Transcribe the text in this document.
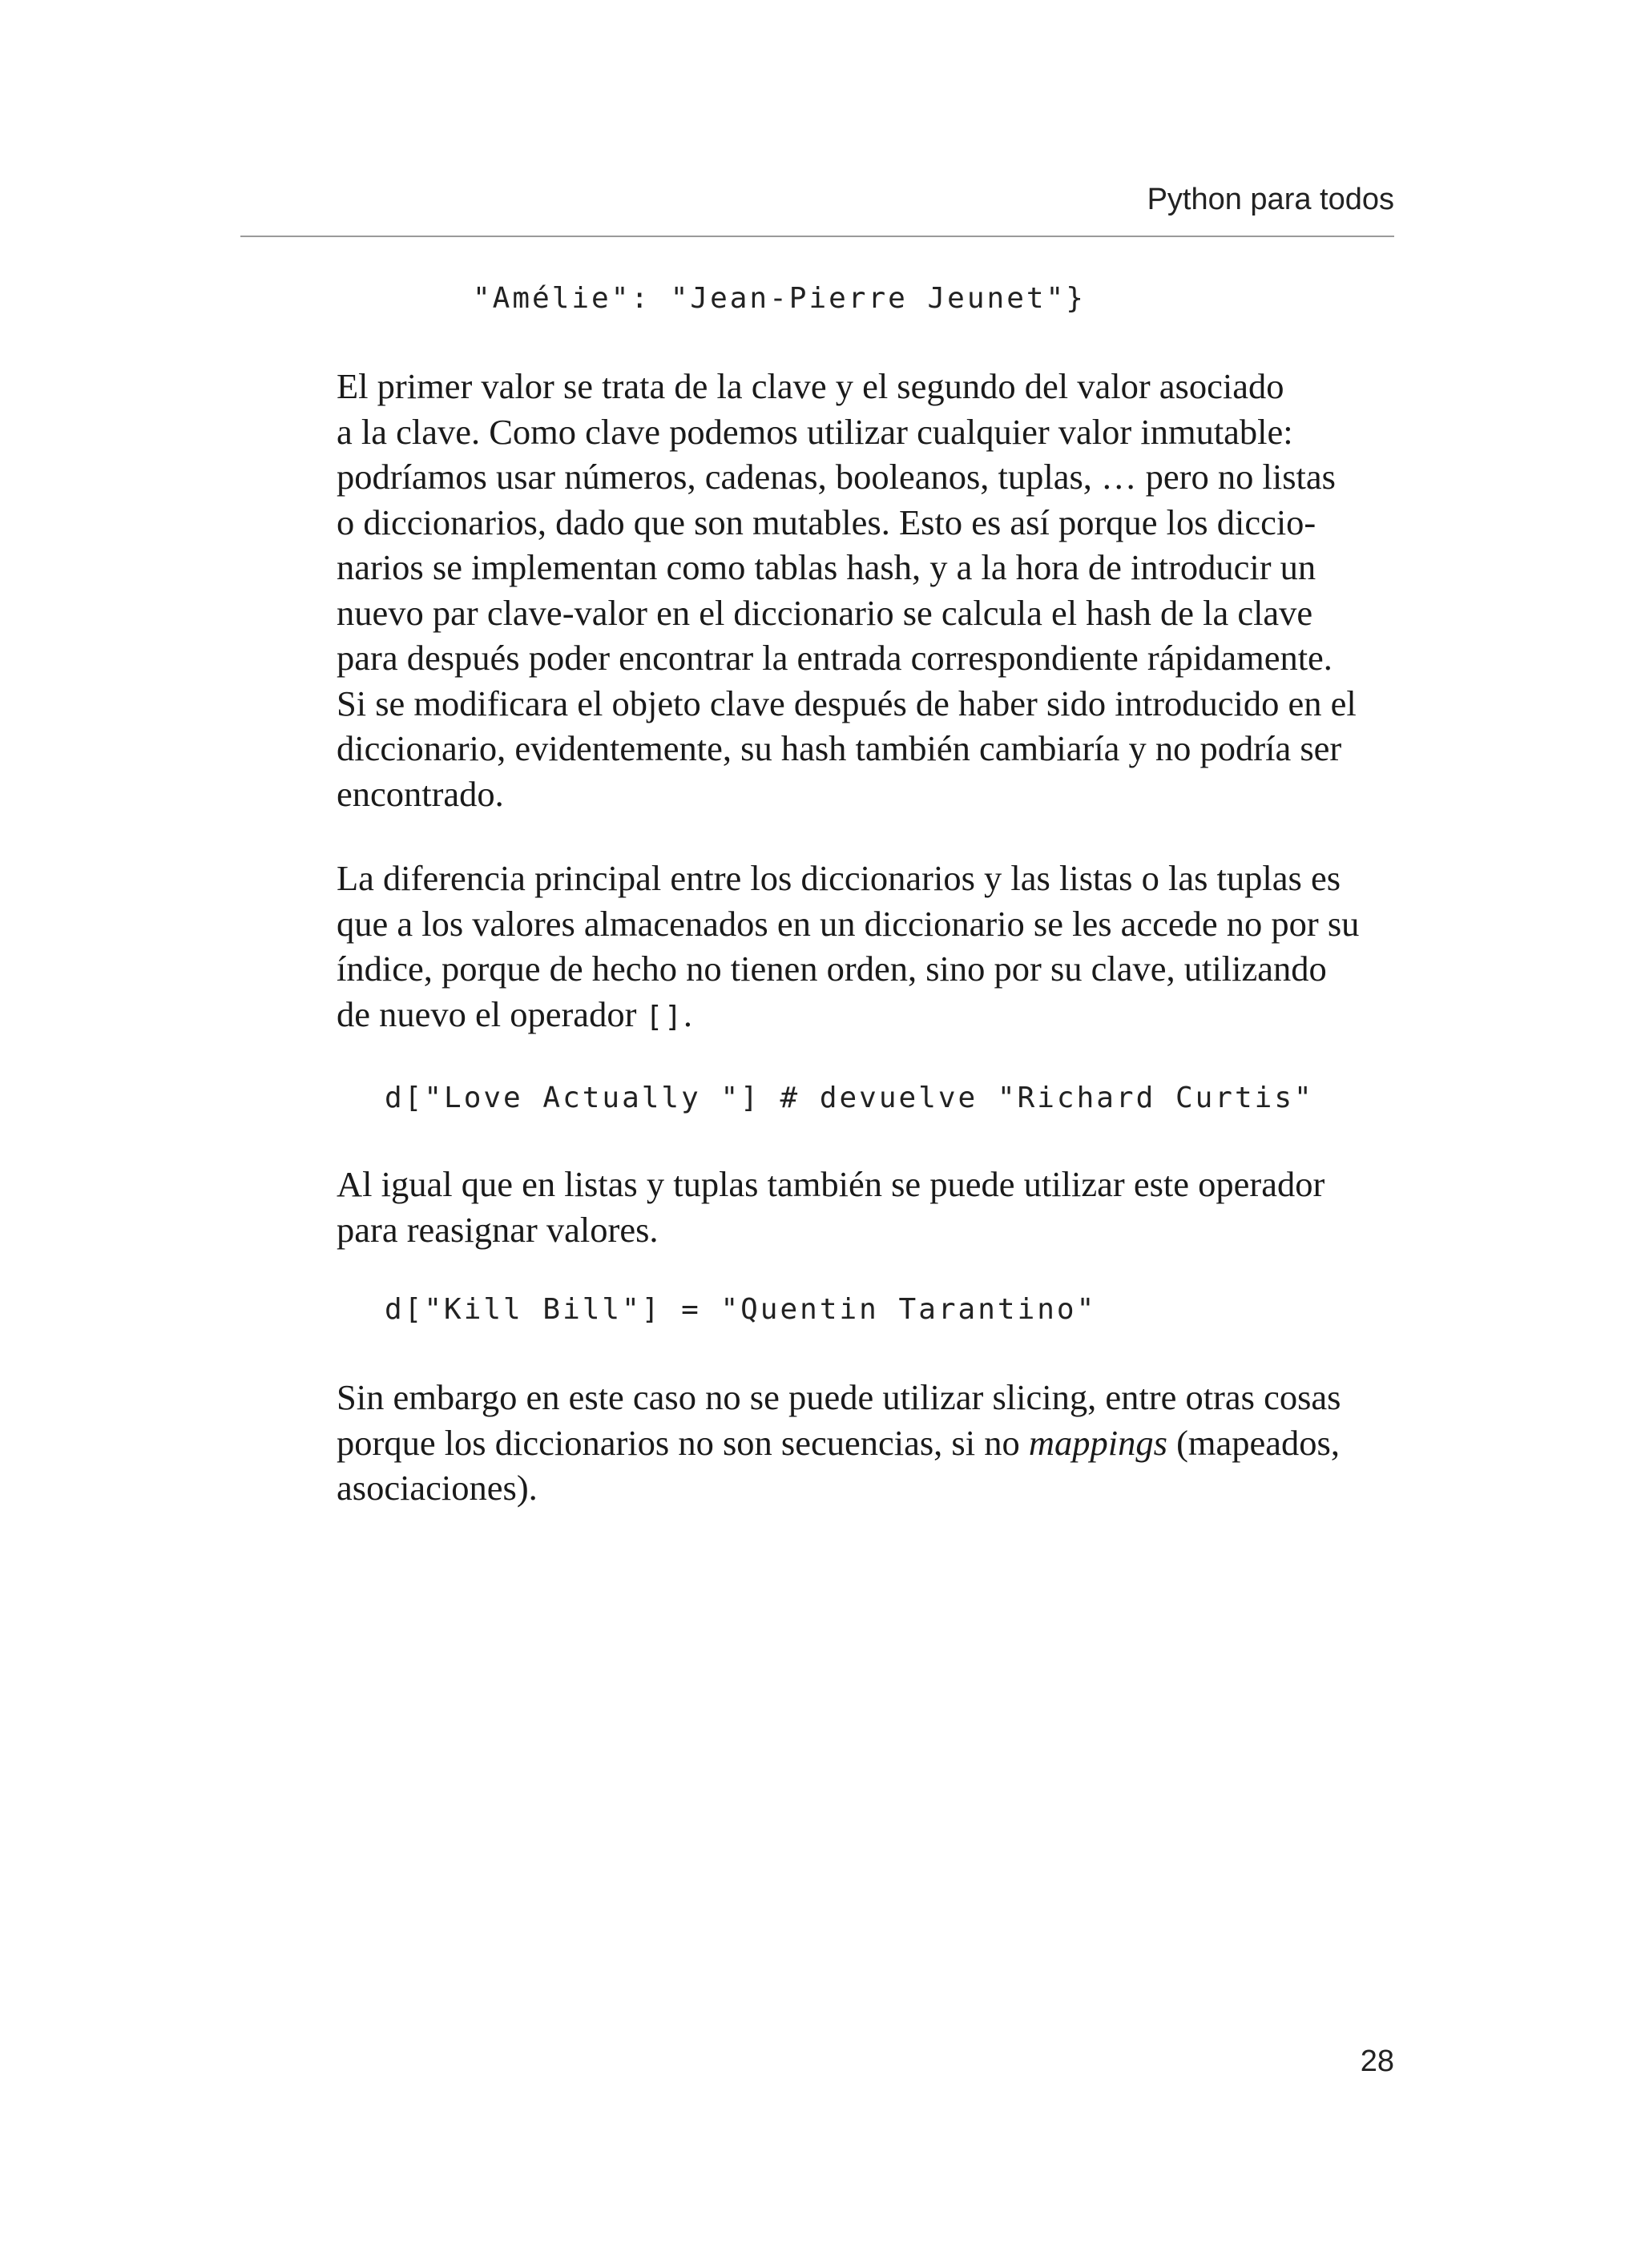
Python para todos
"Amélie": "Jean-Pierre Jeunet"}
El primer valor se trata de la clave y el segundo del valor asociado
a la clave. Como clave podemos utilizar cualquier valor inmutable:
podríamos usar números, cadenas, booleanos, tuplas, … pero no listas
o diccionarios, dado que son mutables. Esto es así porque los diccio-
narios se implementan como tablas hash, y a la hora de introducir un
nuevo par clave-valor en el diccionario se calcula el hash de la clave
para después poder encontrar la entrada correspondiente rápidamente.
Si se modificara el objeto clave después de haber sido introducido en el
diccionario, evidentemente, su hash también cambiaría y no podría ser
encontrado.
La diferencia principal entre los diccionarios y las listas o las tuplas es
que a los valores almacenados en un diccionario se les accede no por su
índice, porque de hecho no tienen orden, sino por su clave, utilizando
de nuevo el operador [].
d["Love Actually "] # devuelve "Richard Curtis"
Al igual que en listas y tuplas también se puede utilizar este operador
para reasignar valores.
d["Kill Bill"] = "Quentin Tarantino"
Sin embargo en este caso no se puede utilizar slicing, entre otras cosas
porque los diccionarios no son secuencias, si no mappings (mapeados,
asociaciones).
28
